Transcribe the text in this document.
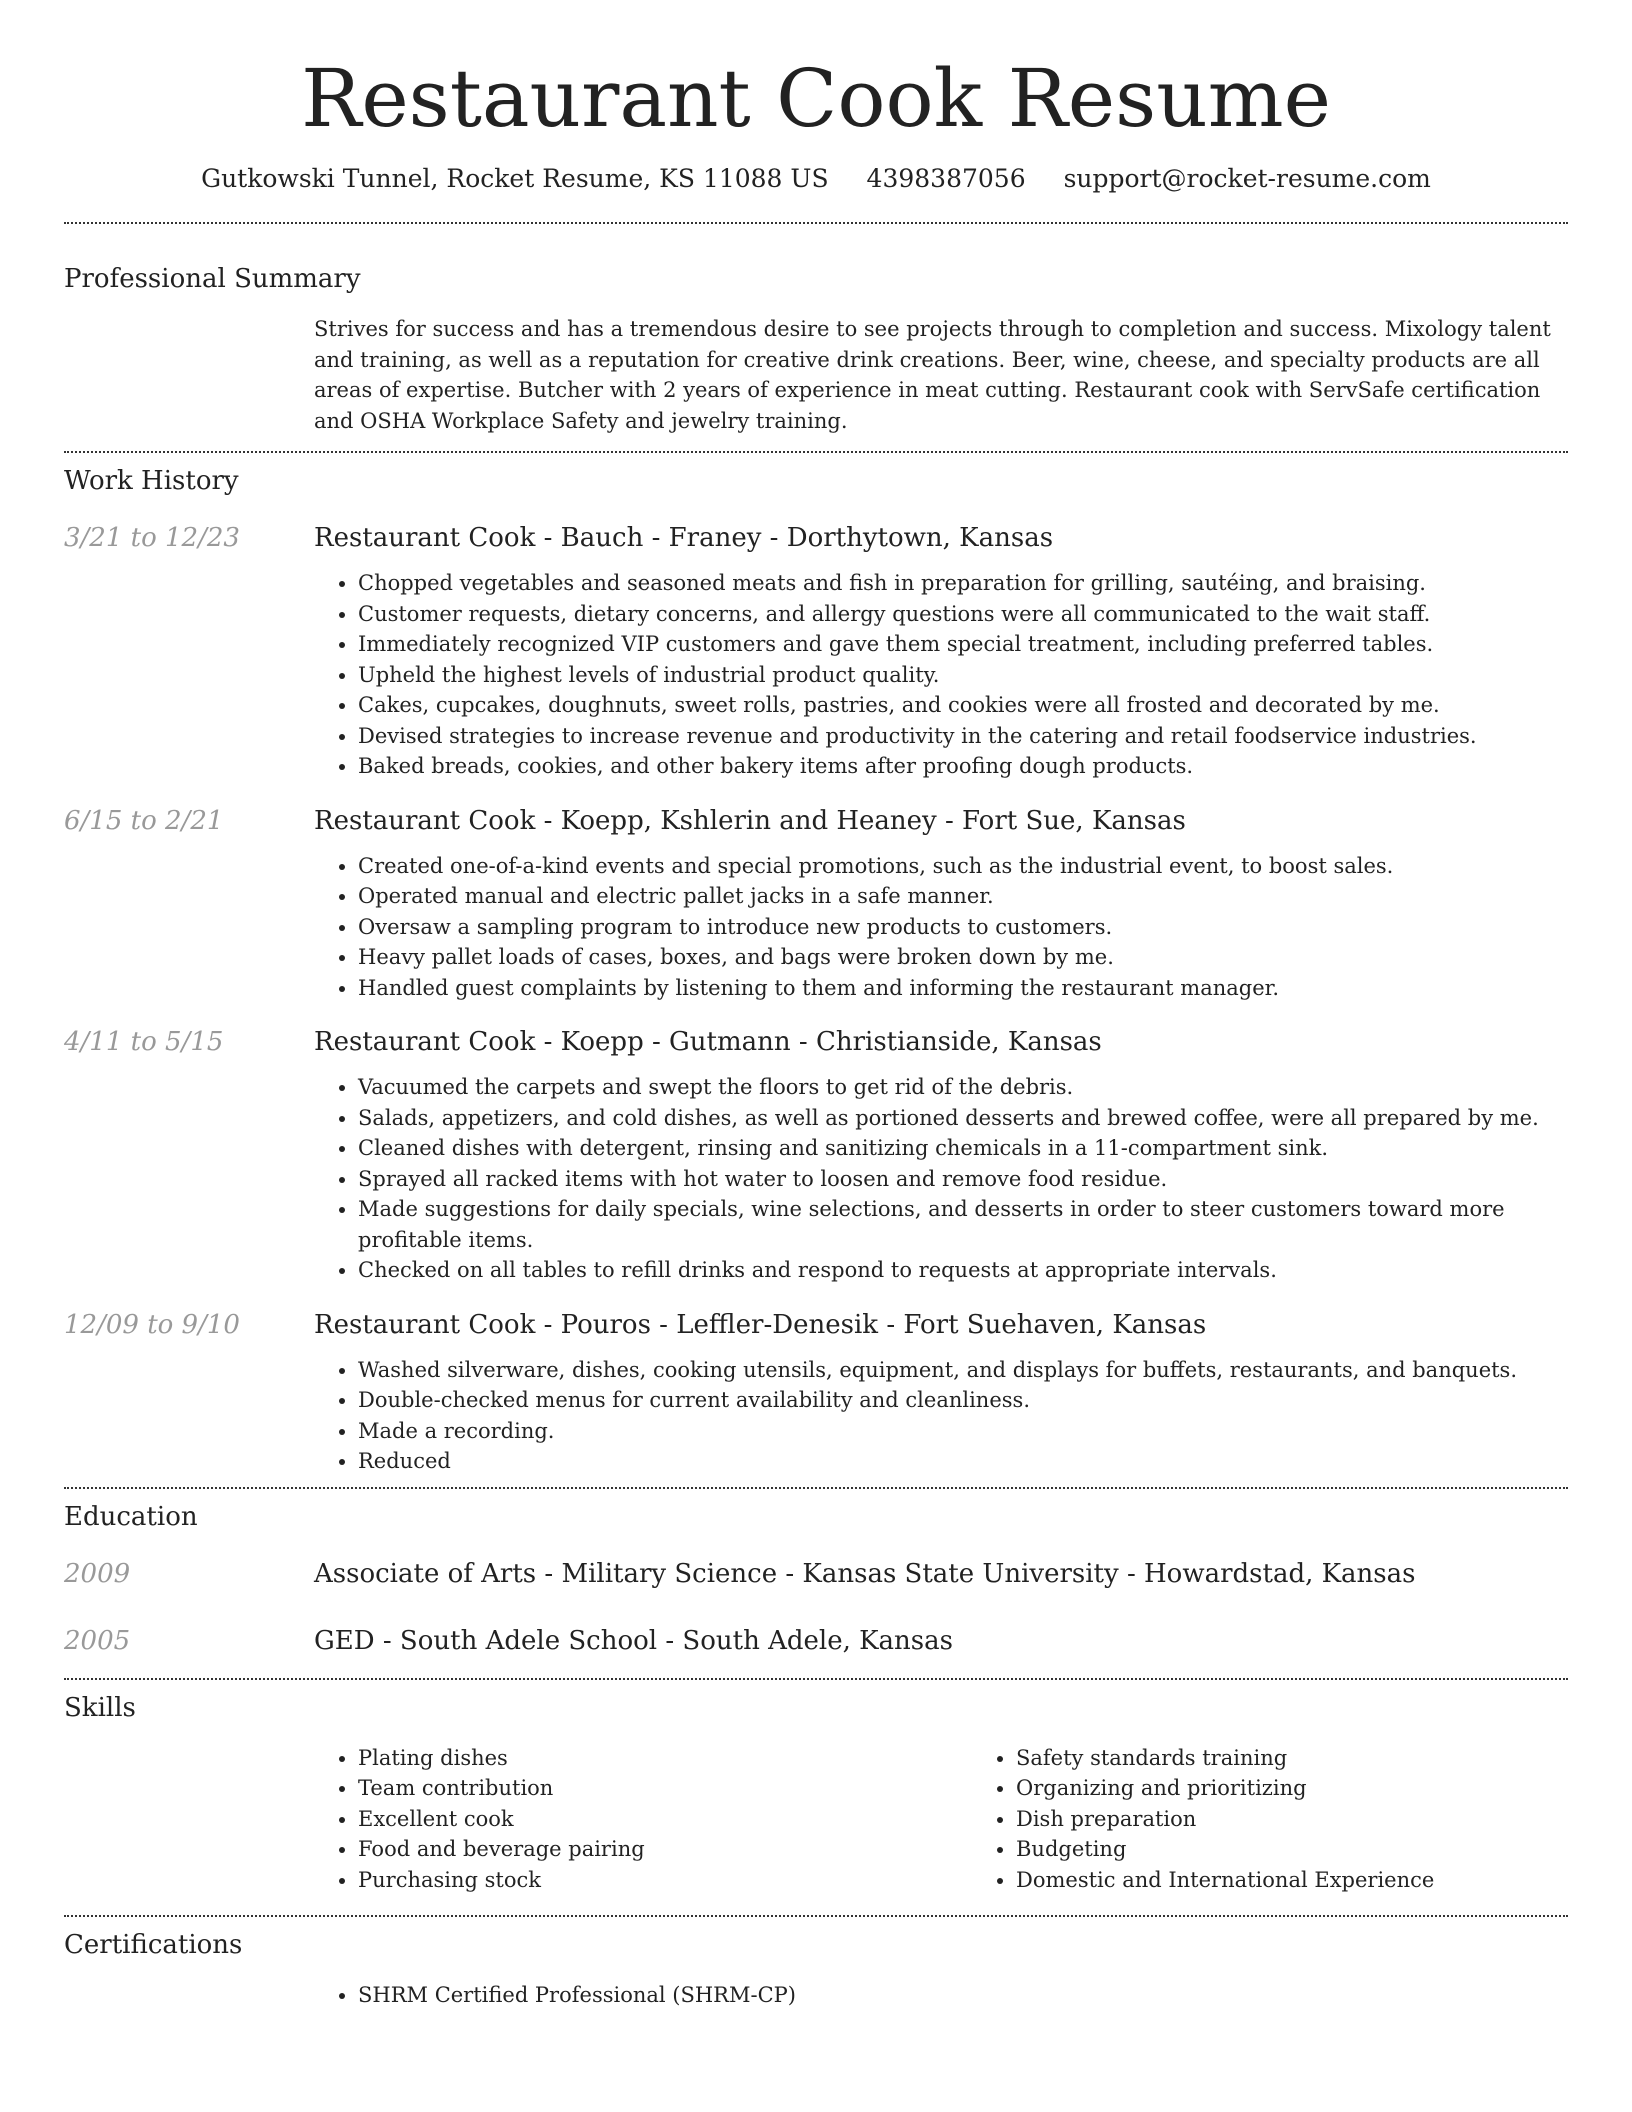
Restaurant Cook Resume
Gutkowski Tunnel, Rocket Resume, KS 11088 US 4398387056 support@rocket-resume.com
Professional Summary
Strives for success and has a tremendous desire to see projects through to completion and success. Mixology talent and training, as well as a reputation for creative drink creations. Beer, wine, cheese, and specialty products are all areas of expertise. Butcher with 2 years of experience in meat cutting. Restaurant cook with ServSafe certification and OSHA Workplace Safety and jewelry training.
Work History
3/21 to 12/23	Restaurant Cook - Bauch - Franey - Dorthytown, Kansas
• Chopped vegetables and seasoned meats and fish in preparation for grilling, sautéing, and braising.
• Customer requests, dietary concerns, and allergy questions were all communicated to the wait staff.
• Immediately recognized VIP customers and gave them special treatment, including preferred tables.
• Upheld the highest levels of industrial product quality.
• Cakes, cupcakes, doughnuts, sweet rolls, pastries, and cookies were all frosted and decorated by me.
• Devised strategies to increase revenue and productivity in the catering and retail foodservice industries.
• Baked breads, cookies, and other bakery items after proofing dough products.
6/15 to 2/21	Restaurant Cook - Koepp, Kshlerin and Heaney - Fort Sue, Kansas
• Created one-of-a-kind events and special promotions, such as the industrial event, to boost sales.
• Operated manual and electric pallet jacks in a safe manner.
• Oversaw a sampling program to introduce new products to customers.
• Heavy pallet loads of cases, boxes, and bags were broken down by me.
• Handled guest complaints by listening to them and informing the restaurant manager.
4/11 to 5/15	Restaurant Cook - Koepp - Gutmann - Christianside, Kansas
• Vacuumed the carpets and swept the floors to get rid of the debris.
• Salads, appetizers, and cold dishes, as well as portioned desserts and brewed coffee, were all prepared by me.
• Cleaned dishes with detergent, rinsing and sanitizing chemicals in a 11-compartment sink.
• Sprayed all racked items with hot water to loosen and remove food residue.
• Made suggestions for daily specials, wine selections, and desserts in order to steer customers toward more profitable items.
• Checked on all tables to refill drinks and respond to requests at appropriate intervals.
12/09 to 9/10	Restaurant Cook - Pouros - Leffler-Denesik - Fort Suehaven, Kansas
• Washed silverware, dishes, cooking utensils, equipment, and displays for buffets, restaurants, and banquets.
• Double-checked menus for current availability and cleanliness.
• Made a recording.
• Reduced
Education
2009	Associate of Arts - Military Science - Kansas State University - Howardstad, Kansas
2005	GED - South Adele School - South Adele, Kansas
Skills
• Plating dishes
• Team contribution
• Excellent cook
• Food and beverage pairing
• Purchasing stock
• Safety standards training
• Organizing and prioritizing
• Dish preparation
• Budgeting
• Domestic and International Experience
Certifications
• SHRM Certified Professional (SHRM-CP)
